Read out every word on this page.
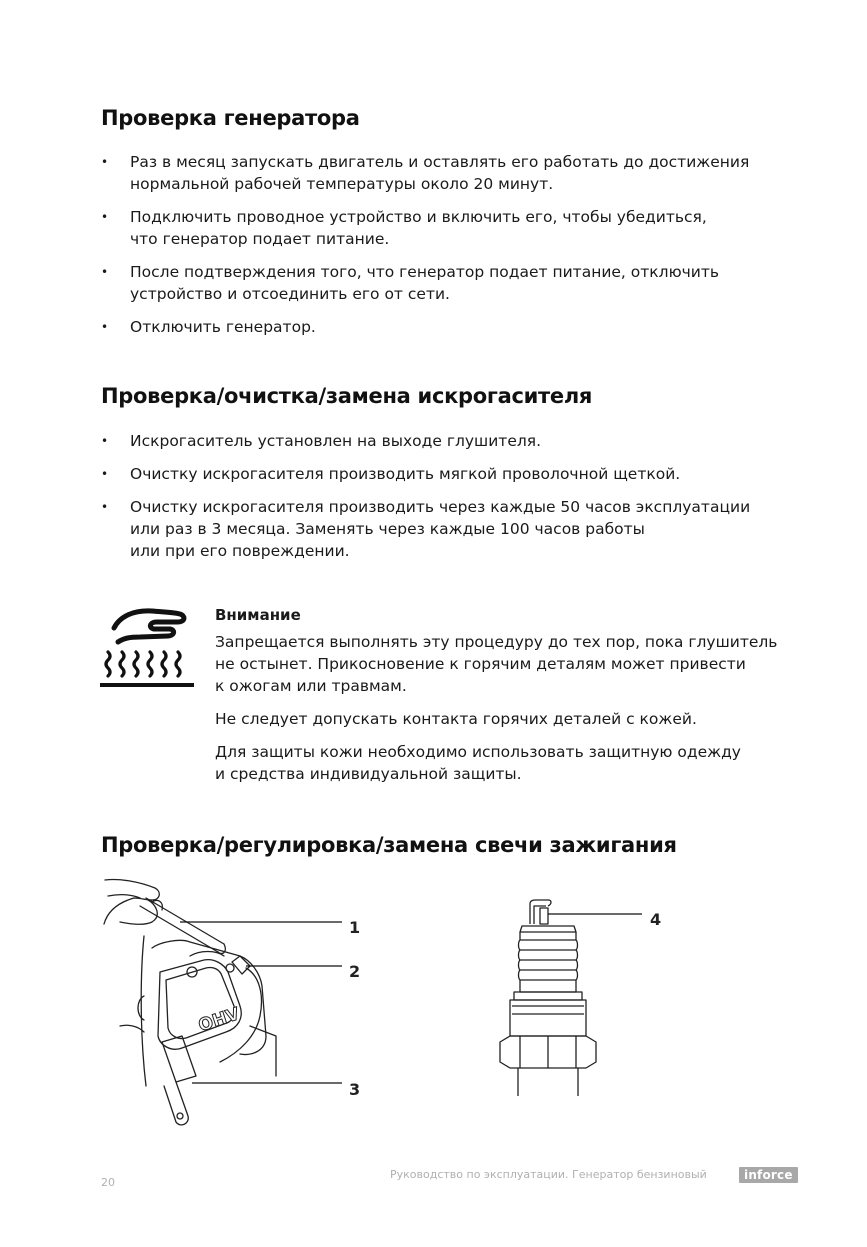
Проверка генератора
• Раз в месяц запускать двигатель и оставлять его работать до достижения
нормальной рабочей температуры около 20 минут.
• Подключить проводное устройство и включить его, чтобы убедиться,
что генератор подает питание.
• После подтверждения того, что генератор подает питание, отключить
устройство и отсоединить его от сети.
• Отключить генератор.
Проверка/очистка/замена искрогасителя
• Искрогаситель установлен на выходе глушителя.
• Очистку искрогасителя производить мягкой проволочной щеткой.
• Очистку искрогасителя производить через каждые 50 часов эксплуатации
или раз в 3 месяца. Заменять через каждые 100 часов работы
или при его повреждении.
Внимание

Запрещается выполнять эту процедуру до тех пор, пока глушитель
не остынет. Прикосновение к горячим деталям может привести
к ожогам или травмам.

Не следует допускать контакта горячих деталей с кожей.

Для защиты кожи необходимо использовать защитную одежду
и средства индивидуальной защиты.

Проверка/регулировка/замена свечи зажигания
OHV
1
2
3
4
20
Руководство по эксплуатации. Генератор бензиновый	inforce
